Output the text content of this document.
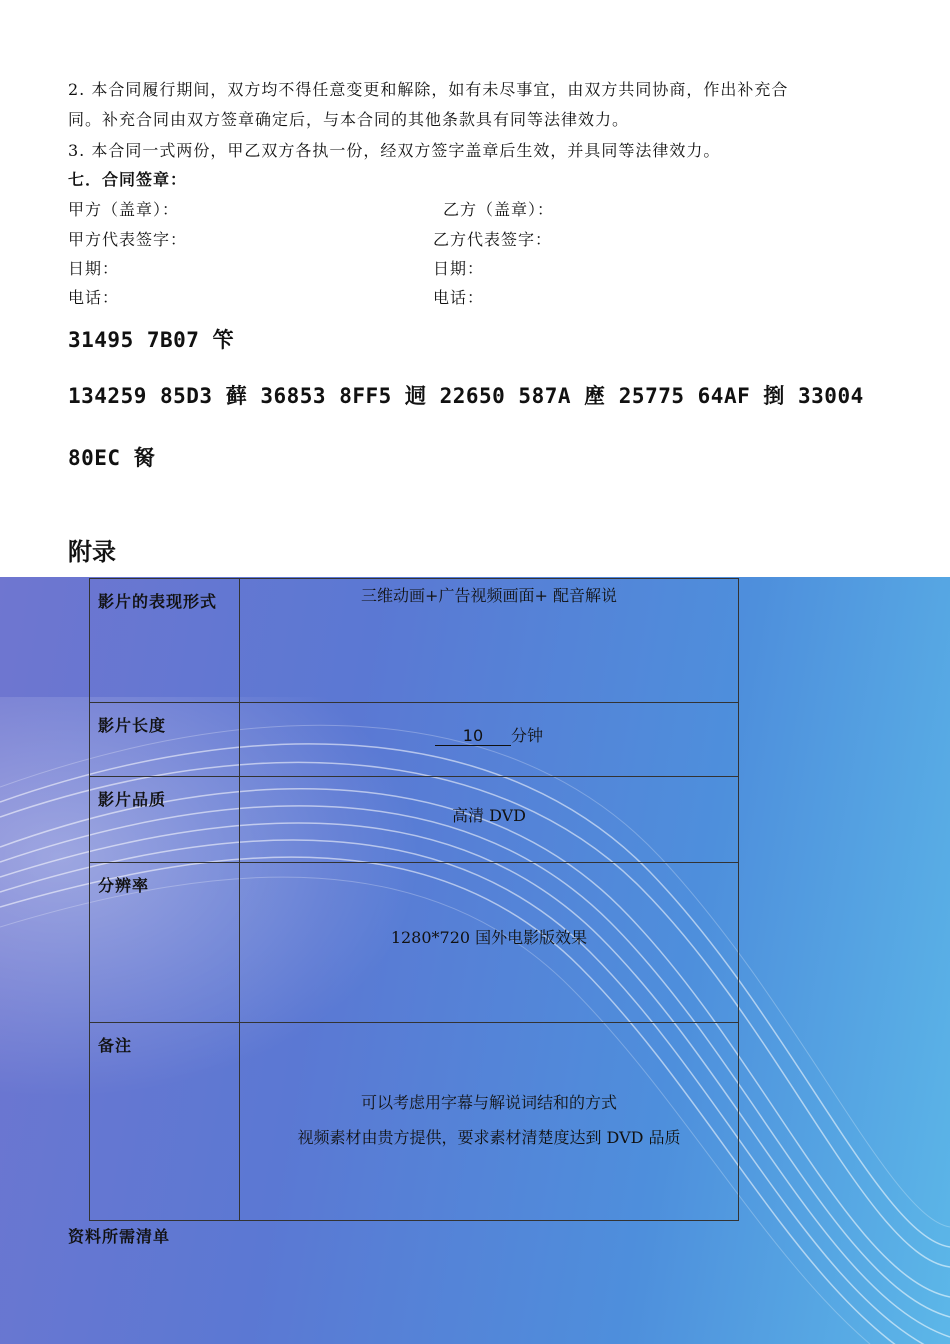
2. 本合同履行期间，双方均不得任意变更和解除，如有未尽事宜，由双方共同协商，作出补充合
同。补充合同由双方签章确定后，与本合同的其他条款具有同等法律效力。
3. 本合同一式两份，甲乙双方各执一份，经双方签字盖章后生效，并具同等法律效力。
七．合同签章：
甲方（盖章）：	乙方（盖章）：
甲方代表签字：	乙方代表签字：
日期：	日期：
电话：	电话：
31495 7B07 笇
134259 85D3 藓 36853 8FF5 迵 22650 587A 塺 25775 64AF 捯 33004
80EC 胬
附录
影片的表现形式	三维动画+广告视频画面+ 配音解说
影片长度	10 分钟
影片品质	高清 DVD
分辨率	1280*720 国外电影版效果
备注	可以考虑用字幕与解说词结和的方式
视频素材由贵方提供，要求素材清楚度达到 DVD 品质
资料所需清单
